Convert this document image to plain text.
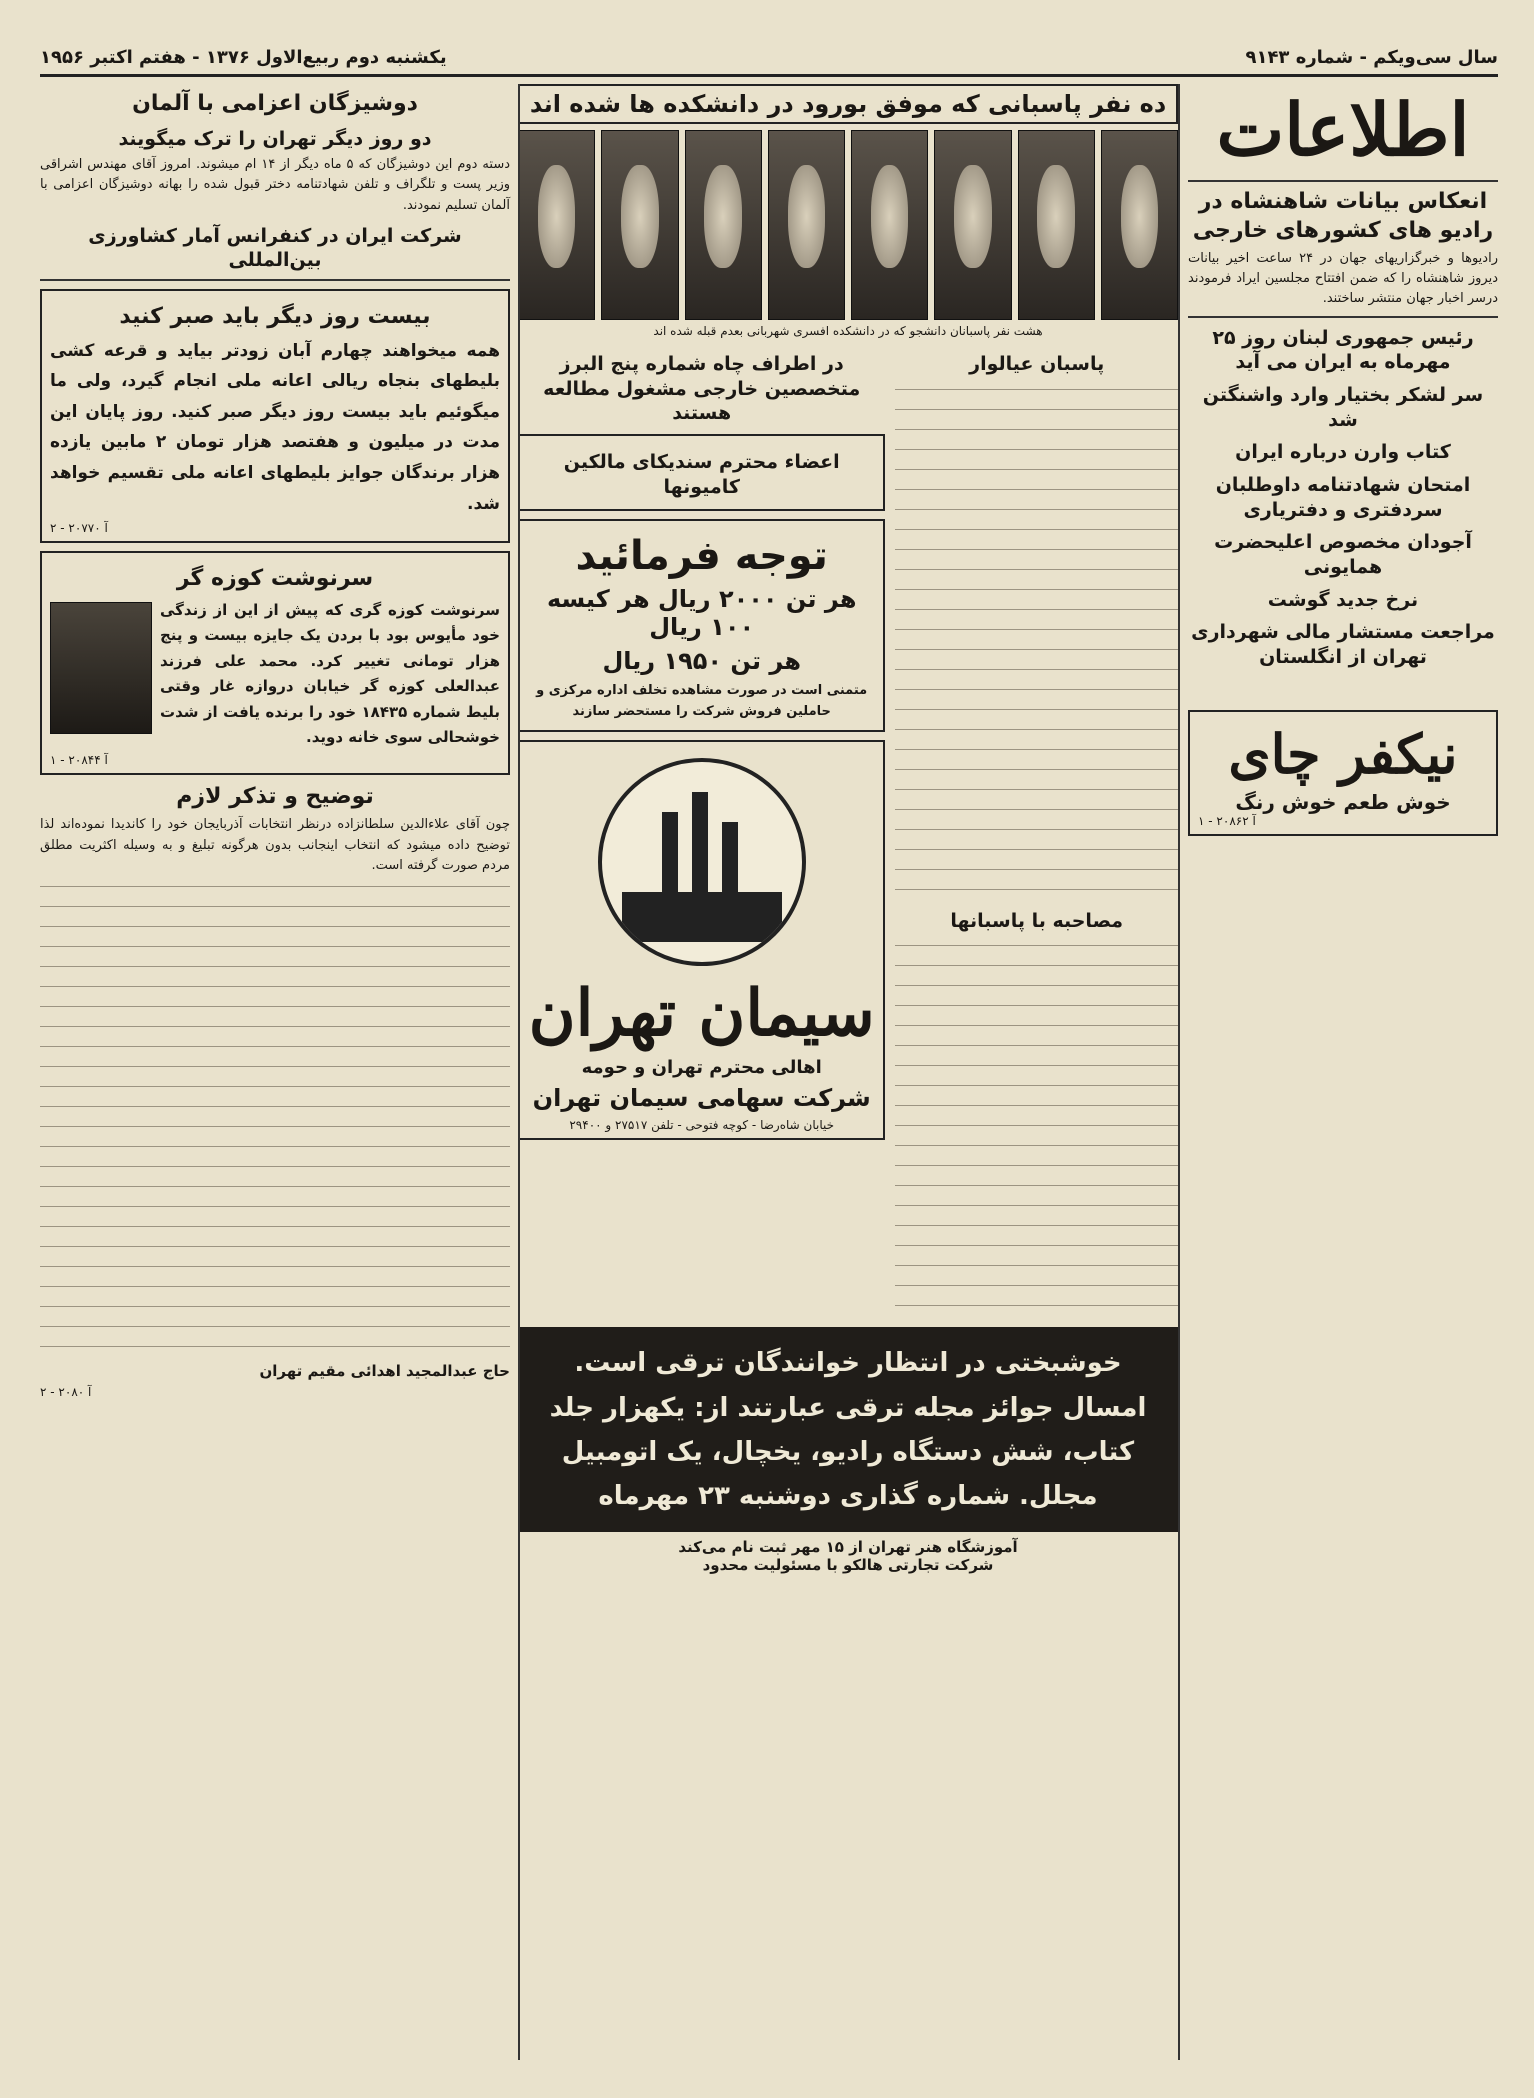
سال سی‌ویکم - شماره ۹۱۴۳
یکشنبه دوم ربیع‌الاول ۱۳۷۶ - هفتم اکتبر ۱۹۵۶
اطلاعات
انعکاس بیانات شاهنشاه در رادیو های کشورهای خارجی

رادیوها و خبرگزاریهای جهان در ۲۴ ساعت اخیر بیانات دیروز شاهنشاه را که ضمن افتتاح مجلسین ایراد فرمودند درسر اخبار جهان منتشر ساختند.

رئیس جمهوری لبنان روز ۲۵ مهرماه به ایران می آید
سر لشکر بختیار وارد واشنگتن شد
کتاب وارن درباره ایران
امتحان شهادتنامه داوطلبان سردفتری و دفتریاری
آجودان مخصوص اعلیحضرت همایونی
نرخ جدید گوشت
مراجعت مستشار مالی شهرداری تهران از انگلستان
نیکفر چای
خوش طعم خوش رنگ
آ ۲۰۸۶۲ - ۱
ده نفر پاسبانی که موفق بورود در دانشکده ها شده اند
هشت نفر پاسبانان دانشجو که در دانشکده افسری شهربانی بعدم قبله شده اند
پاسبان عیالوار

مصاحبه با پاسبانها

در اطراف چاه شماره پنج البرز متخصصین خارجی مشغول مطالعه هستند
اعضاء محترم سندیکای مالکین کامیونها
توجه فرمائید
هر تن ۲۰۰۰ ریال هر کیسه ۱۰۰ ریال
هر تن ۱۹۵۰ ریال

متمنی است در صورت مشاهده تخلف اداره مرکزی و حاملین فروش شرکت را مستحضر سازند

سیمان تهران
اهالی محترم تهران و حومه
شرکت سهامی سیمان تهران
خیابان شاه‌رضا - کوچه فتوحی - تلفن ۲۷۵۱۷ و ۲۹۴۰۰
خوشبختی در انتظار خوانندگان ترقی است. امسال جوائز مجله ترقی عبارتند از: یکهزار جلد کتاب، شش دستگاه رادیو، یخچال، یک اتومبیل مجلل. شماره گذاری دوشنبه ۲۳ مهرماه
آموزشگاه هنر تهران از ۱۵ مهر ثبت نام می‌کند
شرکت تجارتی هالکو با مسئولیت محدود
دوشیزگان اعزامی با آلمان
دو روز دیگر تهران را ترک میگویند

دسته دوم این دوشیزگان که ۵ ماه دیگر از ۱۴ ام میشوند. امروز آقای مهندس اشراقی وزیر پست و تلگراف و تلفن شهادتنامه دختر قبول شده را بهانه دوشیزگان اعزامی با آلمان تسلیم نمودند.

شرکت ایران در کنفرانس آمار کشاورزی بین‌المللی
بیست روز دیگر باید صبر کنید

همه میخواهند چهارم آبان زودتر بیاید و قرعه کشی بلیطهای بنجاه ریالی اعانه ملی انجام گیرد، ولی ما میگوئیم باید بیست روز دیگر صبر کنید. روز پایان این مدت در میلیون و هفتصد هزار تومان ۲ مابین یازده هزار برندگان جوایز بلیطهای اعانه ملی تقسیم خواهد شد.

آ ۲۰۷۷۰ - ۲
سرنوشت کوزه گر

سرنوشت کوزه گری که پیش از این از زندگی خود مأیوس بود با بردن یک جایزه بیست و پنج هزار تومانی تغییر کرد. محمد علی فرزند عبدالعلی کوزه گر خیابان دروازه غار وقتی بلیط شماره ۱۸۴۳۵ خود را برنده یافت از شدت خوشحالی سوی خانه دوید.

آ ۲۰۸۴۴ - ۱
توضیح و تذکر لازم

چون آقای علاءالدین سلطانزاده درنظر انتخابات آذربایجان خود را کاندیدا نموده‌اند لذا توضیح داده میشود که انتخاب اینجانب بدون هرگونه تبلیغ و به وسیله اکثریت مطلق مردم صورت گرفته است.

حاج عبدالمجید اهدائی مقیم تهران

آ ۲۰۸۰ - ۲
